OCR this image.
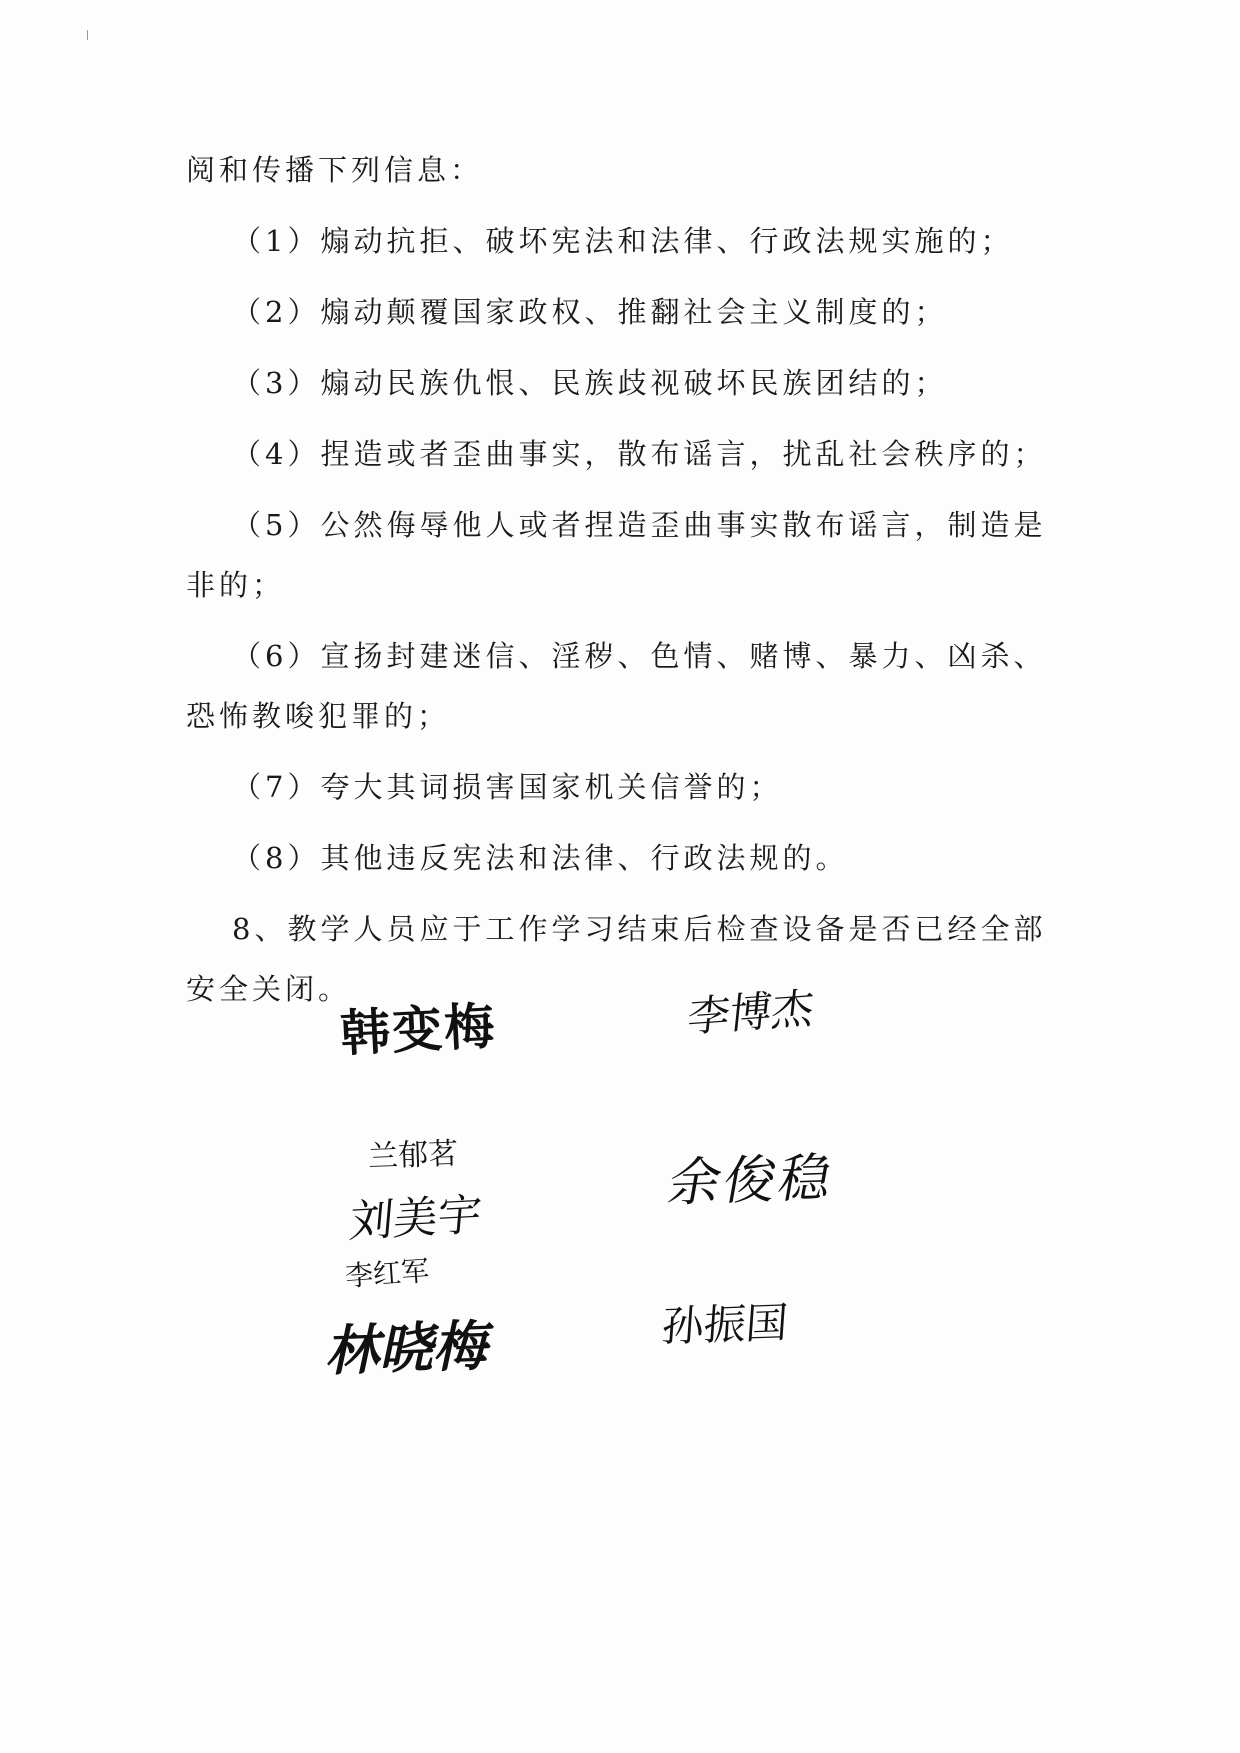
阅和传播下列信息：
（1）煽动抗拒、破坏宪法和法律、行政法规实施的；
（2）煽动颠覆国家政权、推翻社会主义制度的；
（3）煽动民族仇恨、民族歧视破坏民族团结的；
（4）捏造或者歪曲事实，散布谣言，扰乱社会秩序的；
（5）公然侮辱他人或者捏造歪曲事实散布谣言，制造是
非的；
（6）宣扬封建迷信、淫秽、色情、赌博、暴力、凶杀、
恐怖教唆犯罪的；
（7）夸大其词损害国家机关信誉的；
（8）其他违反宪法和法律、行政法规的。
8、教学人员应于工作学习结束后检查设备是否已经全部
安全关闭。
韩变梅	李博杰
兰郁茗	余俊稳
刘美宇
李红军
林晓梅	孙振国
